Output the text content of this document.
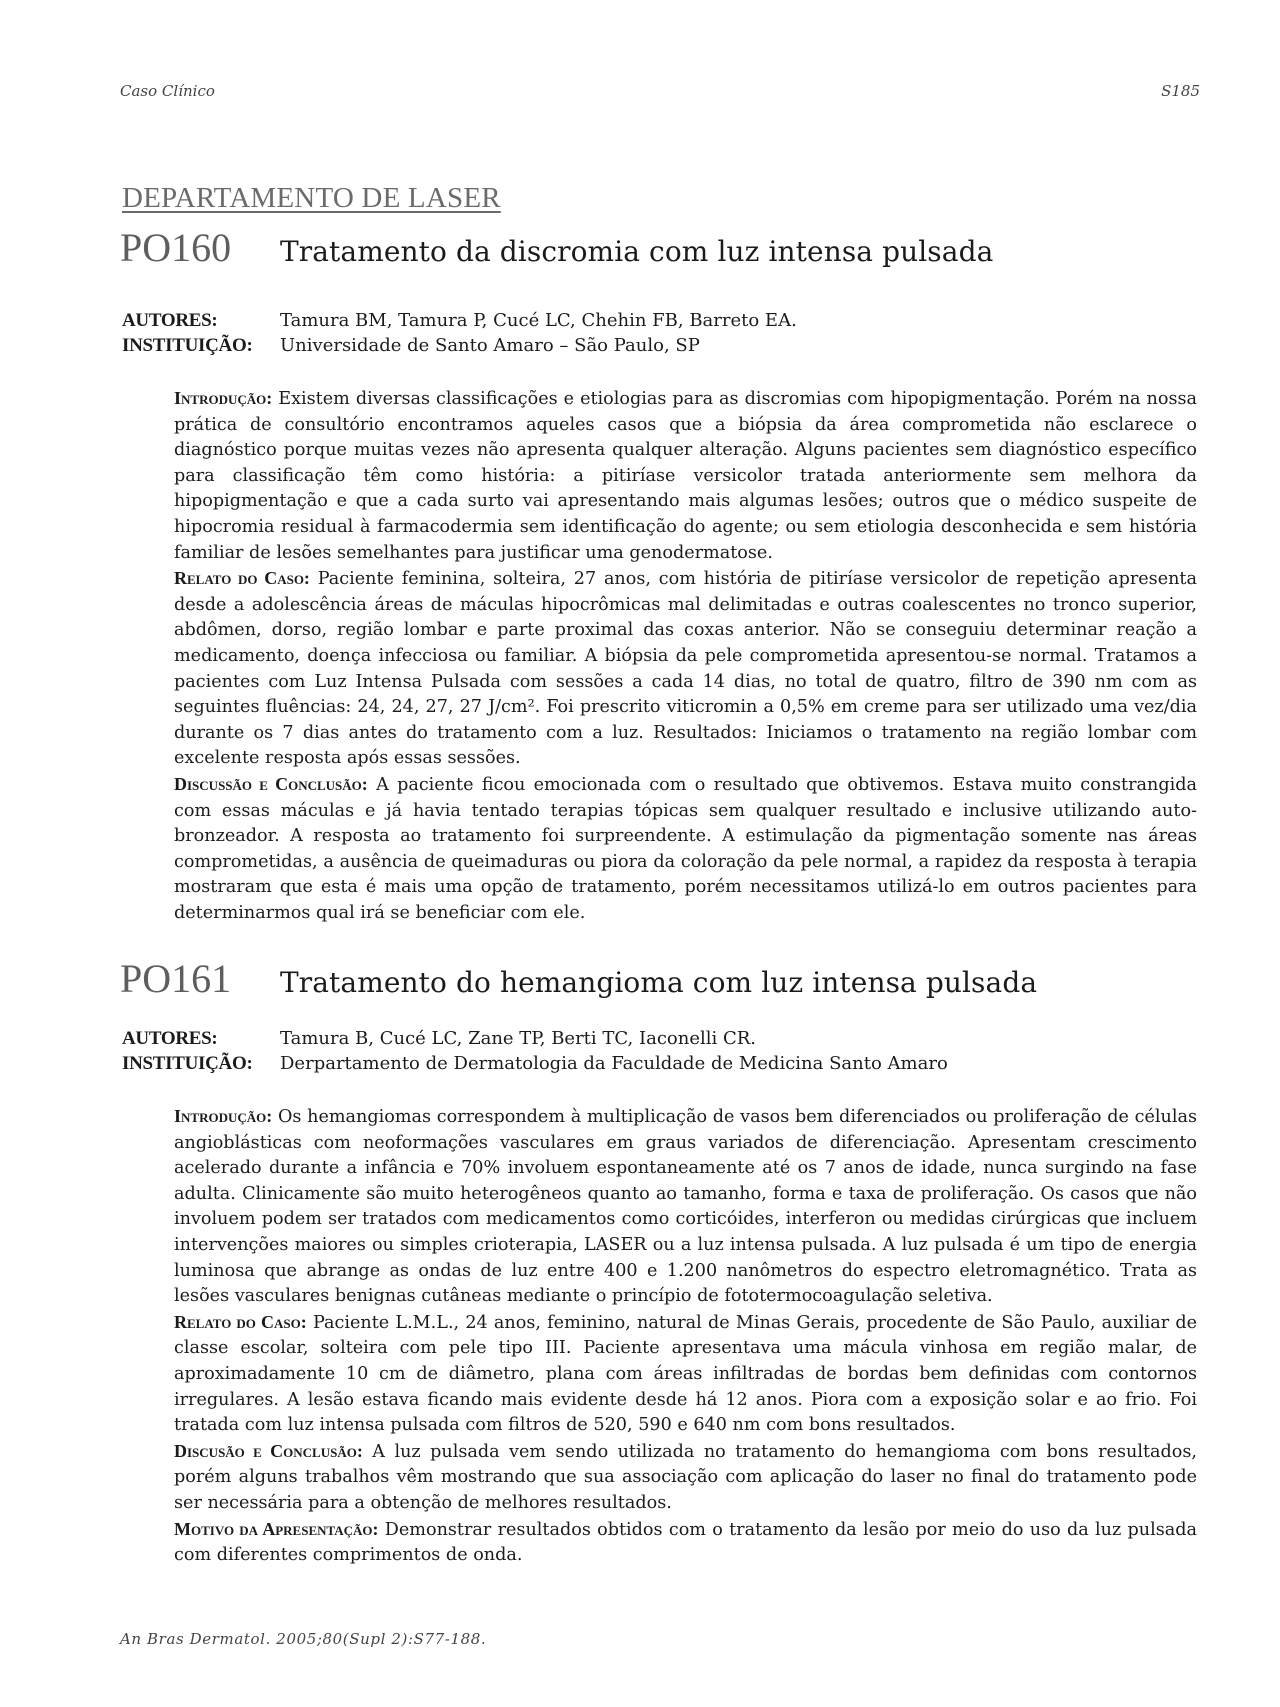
Caso Clínico	S185
DEPARTAMENTO DE LASER
PO160	Tratamento da discromia com luz intensa pulsada
AUTORES:	Tamura BM, Tamura P, Cucé LC, Chehin FB, Barreto EA.
INSTITUIÇÃO:	Universidade de Santo Amaro – São Paulo, SP

Introdução: Existem diversas classificações e etiologias para as discromias com hipopigmentação. Porém na nossa prática de consultório encontramos aqueles casos que a biópsia da área comprometida não esclarece o diagnóstico porque muitas vezes não apresenta qualquer alteração. Alguns pacientes sem diagnóstico específico para classificação têm como história: a pitiríase versicolor tratada anteriormente sem melhora da hipopigmentação e que a cada surto vai apresentando mais algumas lesões; outros que o médico suspeite de hipocromia residual à farmacodermia sem identificação do agente; ou sem etiologia desconhecida e sem história familiar de lesões semelhantes para justificar uma genodermatose.

Relato do Caso: Paciente feminina, solteira, 27 anos, com história de pitiríase versicolor de repetição apresenta desde a adolescência áreas de máculas hipocrômicas mal delimitadas e outras coalescentes no tronco superior, abdômen, dorso, região lombar e parte proximal das coxas anterior. Não se conseguiu determinar reação a medicamento, doença infecciosa ou familiar. A biópsia da pele comprometida apresentou-se normal. Tratamos a pacientes com Luz Intensa Pulsada com sessões a cada 14 dias, no total de quatro, filtro de 390 nm com as seguintes fluências: 24, 24, 27, 27 J/cm². Foi prescrito viticromin a 0,5% em creme para ser utilizado uma vez/dia durante os 7 dias antes do tratamento com a luz. Resultados: Iniciamos o tratamento na região lombar com excelente resposta após essas sessões.

Discussão e Conclusão: A paciente ficou emocionada com o resultado que obtivemos. Estava muito constrangida com essas máculas e já havia tentado terapias tópicas sem qualquer resultado e inclusive utilizando auto-bronzeador. A resposta ao tratamento foi surpreendente. A estimulação da pigmentação somente nas áreas comprometidas, a ausência de queimaduras ou piora da coloração da pele normal, a rapidez da resposta à terapia mostraram que esta é mais uma opção de tratamento, porém necessitamos utilizá-lo em outros pacientes para determinarmos qual irá se beneficiar com ele.

PO161	Tratamento do hemangioma com luz intensa pulsada
AUTORES:	Tamura B, Cucé LC, Zane TP, Berti TC, Iaconelli CR.
INSTITUIÇÃO:	Derpartamento de Dermatologia da Faculdade de Medicina Santo Amaro

Introdução: Os hemangiomas correspondem à multiplicação de vasos bem diferenciados ou proliferação de células angioblásticas com neoformações vasculares em graus variados de diferenciação. Apresentam crescimento acelerado durante a infância e 70% involuem espontaneamente até os 7 anos de idade, nunca surgindo na fase adulta. Clinicamente são muito heterogêneos quanto ao tamanho, forma e taxa de proliferação. Os casos que não involuem podem ser tratados com medicamentos como corticóides, interferon ou medidas cirúrgicas que incluem intervenções maiores ou simples crioterapia, LASER ou a luz intensa pulsada. A luz pulsada é um tipo de energia luminosa que abrange as ondas de luz entre 400 e 1.200 nanômetros do espectro eletromagnético. Trata as lesões vasculares benignas cutâneas mediante o princípio de fototermocoagulação seletiva.

Relato do Caso: Paciente L.M.L., 24 anos, feminino, natural de Minas Gerais, procedente de São Paulo, auxiliar de classe escolar, solteira com pele tipo III. Paciente apresentava uma mácula vinhosa em região malar, de aproximadamente 10 cm de diâmetro, plana com áreas infiltradas de bordas bem definidas com contornos irregulares. A lesão estava ficando mais evidente desde há 12 anos. Piora com a exposição solar e ao frio. Foi tratada com luz intensa pulsada com filtros de 520, 590 e 640 nm com bons resultados.

Discusão e Conclusão: A luz pulsada vem sendo utilizada no tratamento do hemangioma com bons resultados, porém alguns trabalhos vêm mostrando que sua associação com aplicação do laser no final do tratamento pode ser necessária para a obtenção de melhores resultados.

Motivo da Apresentação: Demonstrar resultados obtidos com o tratamento da lesão por meio do uso da luz pulsada com diferentes comprimentos de onda.

An Bras Dermatol. 2005;80(Supl 2):S77-188.
